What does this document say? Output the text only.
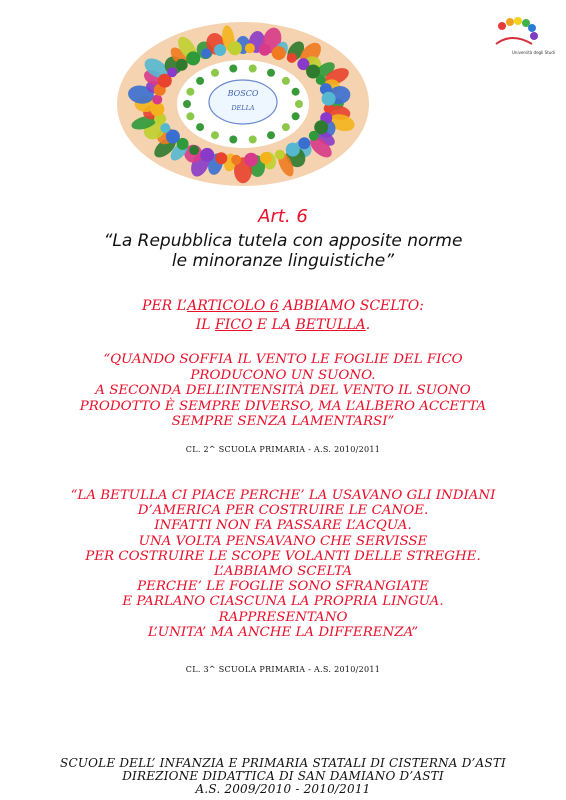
BOSCO
DELLA
Università degli Studi
Art. 6
“La Repubblica tutela con apposite norme
le minoranze linguistiche”
PER L’ARTICOLO 6 ABBIAMO SCELTO:
IL FICO E LA BETULLA.
“QUANDO SOFFIA IL VENTO LE FOGLIE DEL FICO
PRODUCONO UN SUONO.
A SECONDA DELL’INTENSITÀ DEL VENTO IL SUONO
PRODOTTO È SEMPRE DIVERSO, MA L’ALBERO ACCETTA
SEMPRE SENZA LAMENTARSI”
CL. 2^ SCUOLA PRIMARIA - A.S. 2010/2011
“LA BETULLA CI PIACE PERCHE’ LA USAVANO GLI INDIANI
D’AMERICA PER COSTRUIRE LE CANOE.
INFATTI NON FA PASSARE L’ACQUA.
UNA VOLTA PENSAVANO CHE SERVISSE
PER COSTRUIRE LE SCOPE VOLANTI DELLE STREGHE.
L’ABBIAMO SCELTA
PERCHE’ LE FOGLIE SONO SFRANGIATE
E PARLANO CIASCUNA LA PROPRIA LINGUA.
RAPPRESENTANO
L’UNITA’ MA ANCHE LA DIFFERENZA”
CL. 3^ SCUOLA PRIMARIA - A.S. 2010/2011
SCUOLE DELL’ INFANZIA E PRIMARIA STATALI DI CISTERNA D’ASTI
DIREZIONE DIDATTICA DI SAN DAMIANO D’ASTI
A.S. 2009/2010 - 2010/2011
